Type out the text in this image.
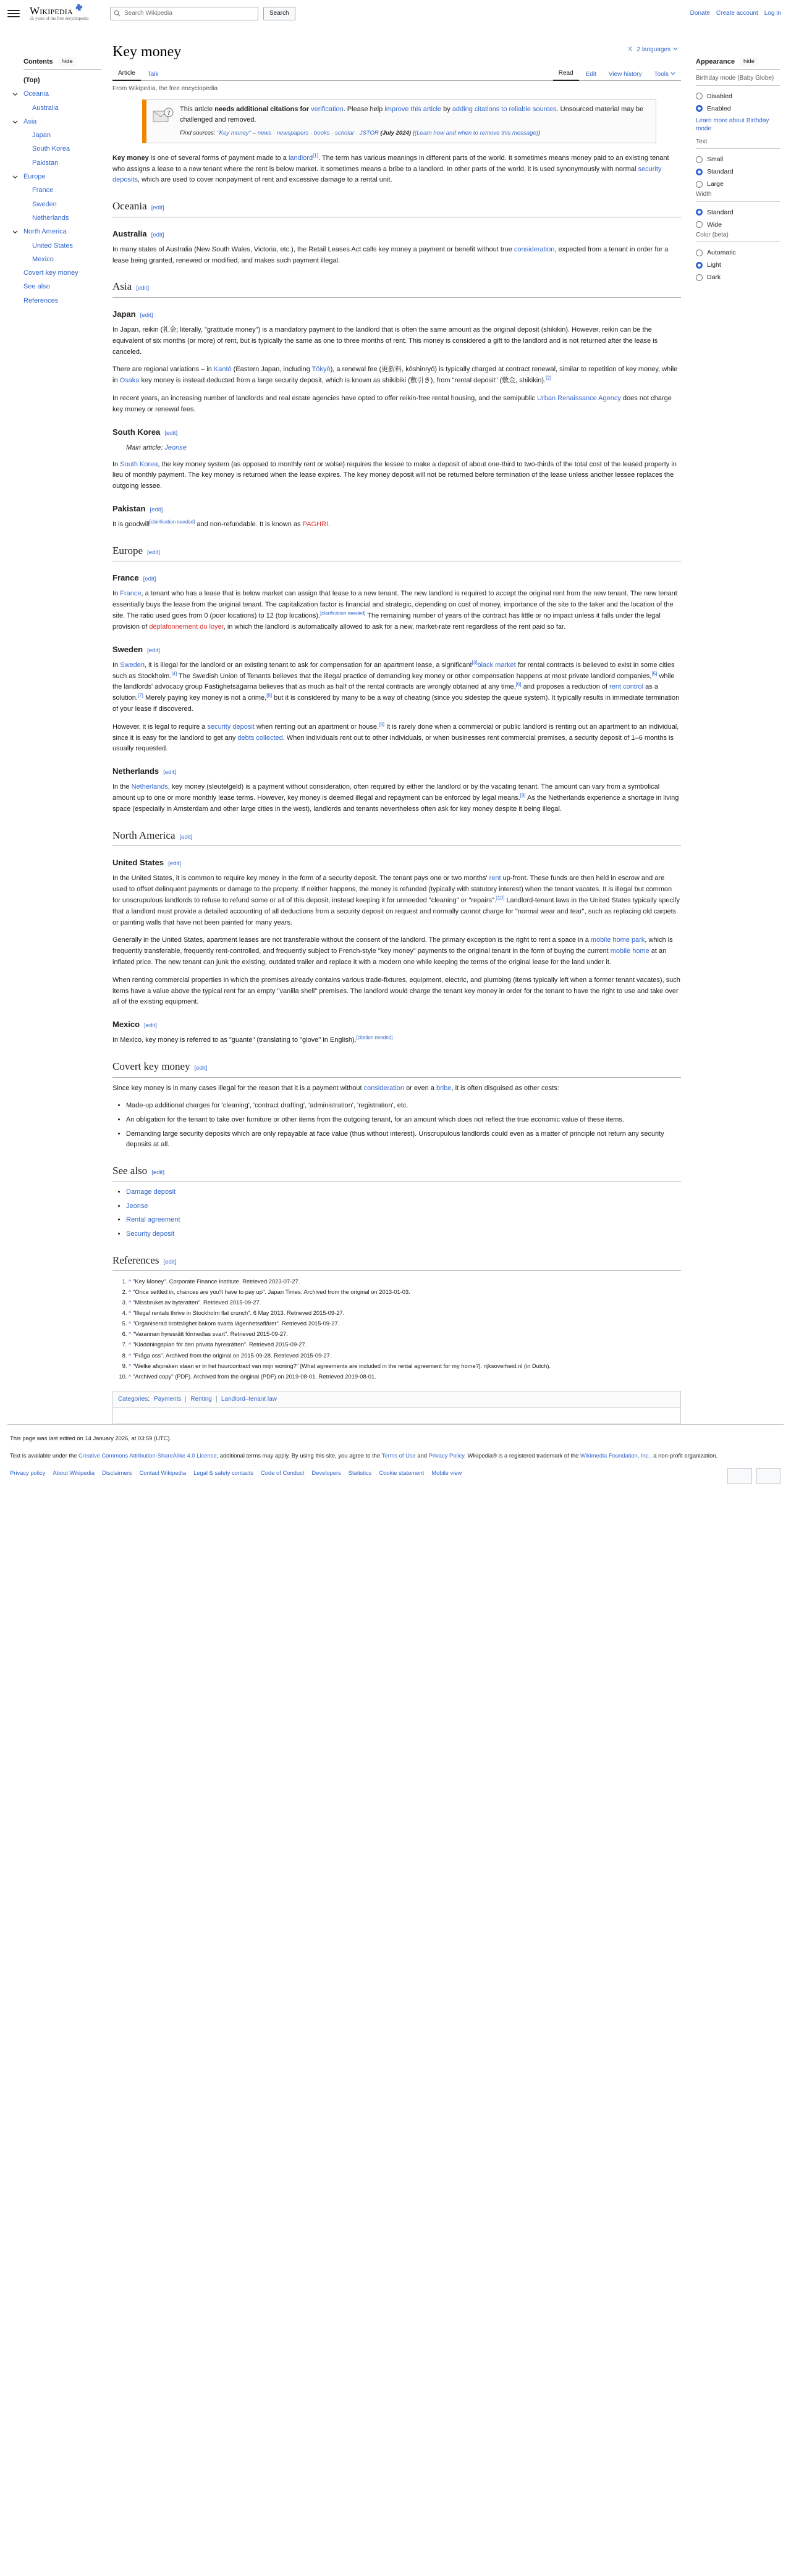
Wikipedia 25
25 years of the free encyclopedia
Search Wikipedia
Search	Donate Create account Log in
Contents	hide
(Top)
Oceania
Australia
Asia
Japan
South Korea
Pakistan
Europe
France
Sweden
Netherlands
North America
United States
Mexico
Covert key money
See also
References
Key money	文 2 languages
Article	Talk	Read	Edit	View history	Tools
From Wikipedia, the free encyclopedia
?
This article needs additional citations for verification. Please help improve this article by adding citations to reliable sources. Unsourced material may be challenged and removed.
Find sources: "Key money" – news · newspapers · books · scholar · JSTOR (July 2024) ((Learn how and when to remove this message))

Key money is one of several forms of payment made to a landlord[1]. The term has various meanings in different parts of the world. It sometimes means money paid to an existing tenant who assigns a lease to a new tenant where the rent is below market. It sometimes means a bribe to a landlord. In other parts of the world, it is used synonymously with normal security deposits, which are used to cover nonpayment of rent and excessive damage to a rental unit.

Oceania [edit]
Australia [edit]

In many states of Australia (New South Wales, Victoria, etc.), the Retail Leases Act calls key money a payment or benefit without true consideration, expected from a tenant in order for a lease being granted, renewed or modified, and makes such payment illegal.

Asia [edit]
Japan [edit]

In Japan, reikin (礼金; literally, "gratitude money") is a mandatory payment to the landlord that is often the same amount as the original deposit (shikikin). However, reikin can be the equivalent of six months (or more) of rent, but is typically the same as one to three months of rent. This money is considered a gift to the landlord and is not returned after the lease is canceled.

There are regional variations – in Kantō (Eastern Japan, including Tōkyō), a renewal fee (更新料, kōshinryō) is typically charged at contract renewal, similar to repetition of key money, while in Osaka key money is instead deducted from a large security deposit, which is known as shikibiki (敷引き), from "rental deposit" (敷金, shikikin).[2]

In recent years, an increasing number of landlords and real estate agencies have opted to offer reikin-free rental housing, and the semipublic Urban Renaissance Agency does not charge key money or renewal fees.

South Korea [edit]
Main article: Jeonse

In South Korea, the key money system (as opposed to monthly rent or wolse) requires the lessee to make a deposit of about one-third to two-thirds of the total cost of the leased property in lieu of monthly payment. The key money is returned when the lease expires. The key money deposit will not be returned before termination of the lease unless another lessee replaces the outgoing lessee.

Pakistan [edit]

It is goodwill[clarification needed] and non-refundable. It is known as PAGHRI.

Europe [edit]
France [edit]

In France, a tenant who has a lease that is below market can assign that lease to a new tenant. The new landlord is required to accept the original rent from the new tenant. The new tenant essentially buys the lease from the original tenant. The capitalization factor is financial and strategic, depending on cost of money, importance of the site to the taker and the location of the site. The ratio used goes from 0 (poor locations) to 12 (top locations).[clarification needed] The remaining number of years of the contract has little or no impact unless it falls under the legal provision of déplafonnement du loyer, in which the landlord is automatically allowed to ask for a new, market-rate rent regardless of the rent paid so far.

Sweden [edit]

In Sweden, it is illegal for the landlord or an existing tenant to ask for compensation for an apartment lease, a significant[3]black market for rental contracts is believed to exist in some cities such as Stockholm.[4] The Swedish Union of Tenants believes that the illegal practice of demanding key money or other compensation happens at most private landlord companies,[5] while the landlords' advocacy group Fastighetsägarna believes that as much as half of the rental contracts are wrongly obtained at any time,[6] and proposes a reduction of rent control as a solution.[7] Merely paying key money is not a crime,[8] but it is considered by many to be a way of cheating (since you sidestep the queue system). It typically results in immediate termination of your lease if discovered.

However, it is legal to require a security deposit when renting out an apartment or house.[8] It is rarely done when a commercial or public landlord is renting out an apartment to an individual, since it is easy for the landlord to get any debts collected. When individuals rent out to other individuals, or when businesses rent commercial premises, a security deposit of 1–6 months is usually requested.

Netherlands [edit]

In the Netherlands, key money (sleutelgeld) is a payment without consideration, often required by either the landlord or by the vacating tenant. The amount can vary from a symbolical amount up to one or more monthly lease terms. However, key money is deemed illegal and repayment can be enforced by legal means.[9] As the Netherlands experience a shortage in living space (especially in Amsterdam and other large cities in the west), landlords and tenants nevertheless often ask for key money despite it being illegal.

North America [edit]
United States [edit]

In the United States, it is common to require key money in the form of a security deposit. The tenant pays one or two months' rent up-front. These funds are then held in escrow and are used to offset delinquent payments or damage to the property. If neither happens, the money is refunded (typically with statutory interest) when the tenant vacates. It is illegal but common for unscrupulous landlords to refuse to refund some or all of this deposit, instead keeping it for unneeded "cleaning" or "repairs".[10] Landlord-tenant laws in the United States typically specify that a landlord must provide a detailed accounting of all deductions from a security deposit on request and normally cannot charge for "normal wear and tear", such as replacing old carpets or painting walls that have not been painted for many years.

Generally in the United States, apartment leases are not transferable without the consent of the landlord. The primary exception is the right to rent a space in a mobile home park, which is frequently transferable, frequently rent-controlled, and frequently subject to French-style "key money" payments to the original tenant in the form of buying the current mobile home at an inflated price. The new tenant can junk the existing, outdated trailer and replace it with a modern one while keeping the terms of the original lease for the land under it.

When renting commercial properties in which the premises already contains various trade-fixtures, equipment, electric, and plumbing (items typically left when a former tenant vacates), such items have a value above the typical rent for an empty "vanilla shell" premises. The landlord would charge the tenant key money in order for the tenant to have the right to use and take over all of the existing equipment.

Mexico [edit]

In Mexico, key money is referred to as "guante" (translating to "glove" in English).[citation needed]

Covert key money [edit]

Since key money is in many cases illegal for the reason that it is a payment without consideration or even a bribe, it is often disguised as other costs:

• Made-up additional charges for 'cleaning', 'contract drafting', 'administration', 'registration', etc.
• An obligation for the tenant to take over furniture or other items from the outgoing tenant, for an amount which does not reflect the true economic value of these items.
• Demanding large security deposits which are only repayable at face value (thus without interest). Unscrupulous landlords could even as a matter of principle not return any security deposits at all.
See also [edit]
• Damage deposit
• Jeonse
• Rental agreement
• Security deposit
References [edit]
1. ^ "Key Money". Corporate Finance Institute. Retrieved 2023-07-27.
2. ^ "Once settled in, chances are you'll have to pay up". Japan Times. Archived from the original on 2013-01-03.
3. ^ "Missbruket av byteratten". Retrieved 2015-09-27.
4. ^ "Illegal rentals thrive in Stockholm flat crunch". 6 May 2013. Retrieved 2015-09-27.
5. ^ "Organiserad brottslighet bakom svarta lägenhetsaffärer". Retrieved 2015-09-27.
6. ^ "Varannan hyresrätt förmedlas svart". Retrieved 2015-09-27.
7. ^ "Kladdningsplan för den privata hyresrätten". Retrieved 2015-09-27.
8. ^ "Fråga oss". Archived from the original on 2015-09-28. Retrieved 2015-09-27.
9. ^ "Welke afspraken staan er in het huurcontract van mijn woning?" [What agreements are included in the rental agreement for my home?]. rijksoverheid.nl (in Dutch).
10. ^ "Archived copy" (PDF). Archived from the original (PDF) on 2019-08-01. Retrieved 2019-08-01.
Categories: Payments Renting Landlord–tenant law
Appearance	hide
Birthday mode (Baby Globe)
Disabled
Enabled
Learn more about Birthday mode
Text
Small
Standard
Large
Width
Standard
Wide
Color (beta)
Automatic
Light
Dark

This page was last edited on 14 January 2026, at 03:59 (UTC).

Text is available under the Creative Commons Attribution-ShareAlike 4.0 License; additional terms may apply. By using this site, you agree to the Terms of Use and Privacy Policy. Wikipedia® is a registered trademark of the Wikimedia Foundation, Inc., a non-profit organization.

Privacy policy About Wikipedia Disclaimers Contact Wikipedia Legal & safety contacts Code of Conduct Developers Statistics Cookie statement Mobile view
